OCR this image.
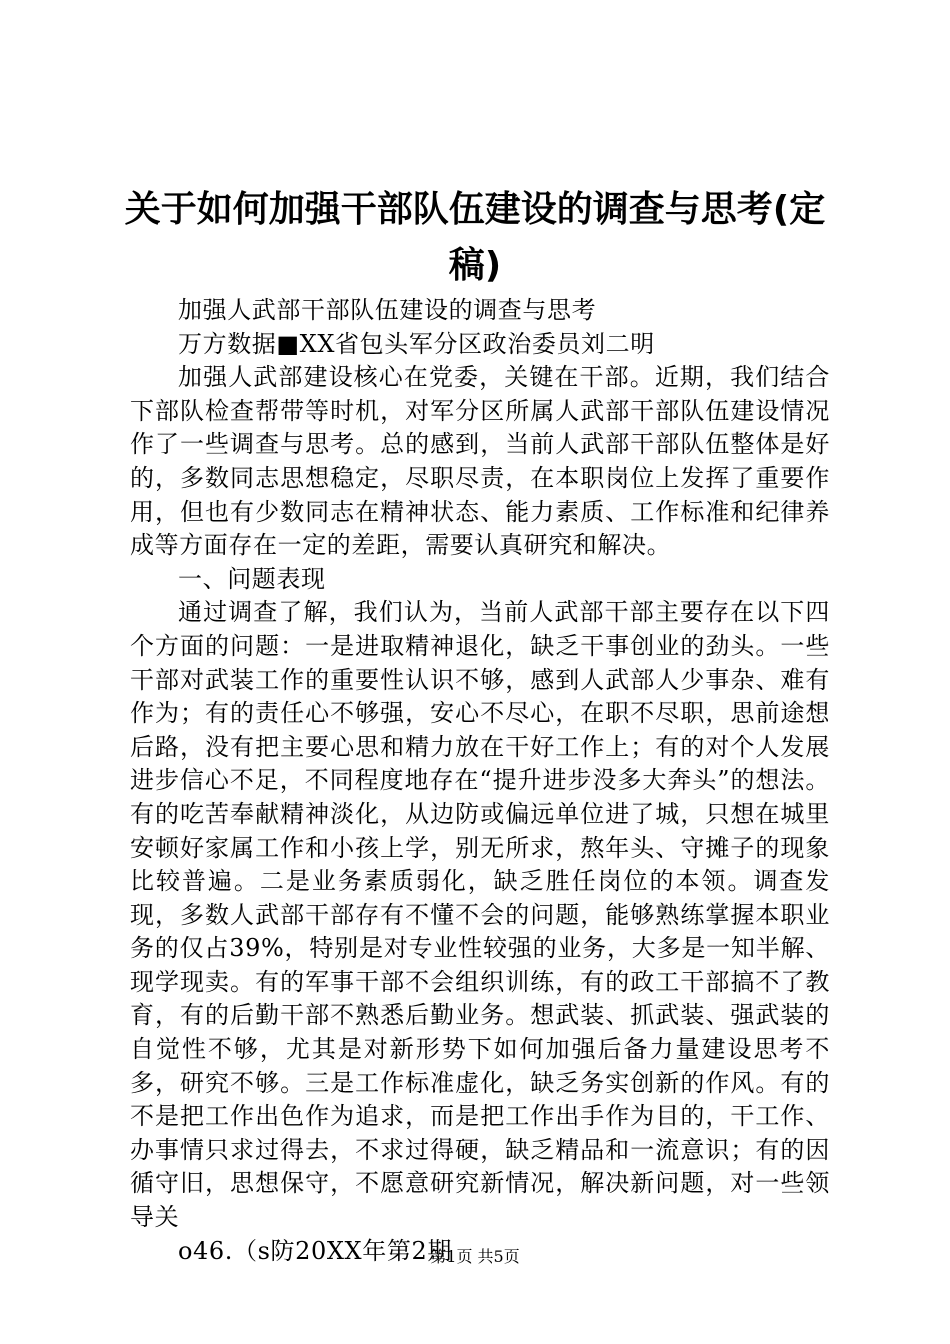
关于如何加强干部队伍建设的调查与思考(定
稿)

加强人武部干部队伍建设的调查与思考

万方数据■XX省包头军分区政治委员刘二明

加强人武部建设核心在党委，关键在干部。近期，我们结合下部队检查帮带等时机，对军分区所属人武部干部队伍建设情况作了一些调查与思考。总的感到，当前人武部干部队伍整体是好的，多数同志思想稳定，尽职尽责，在本职岗位上发挥了重要作用，但也有少数同志在精神状态、能力素质、工作标准和纪律养成等方面存在一定的差距，需要认真研究和解决。

一、问题表现

通过调查了解，我们认为，当前人武部干部主要存在以下四个方面的问题：一是进取精神退化，缺乏干事创业的劲头。一些干部对武装工作的重要性认识不够，感到人武部人少事杂、难有作为；有的责任心不够强，安心不尽心，在职不尽职，思前途想后路，没有把主要心思和精力放在干好工作上；有的对个人发展进步信心不足，不同程度地存在“提升进步没多大奔头”的想法。有的吃苦奉献精神淡化，从边防或偏远单位进了城，只想在城里安顿好家属工作和小孩上学，别无所求，熬年头、守摊子的现象比较普遍。二是业务素质弱化，缺乏胜任岗位的本领。调查发现，多数人武部干部存有不懂不会的问题，能够熟练掌握本职业务的仅占39%，特别是对专业性较强的业务，大多是一知半解、现学现卖。有的军事干部不会组织训练，有的政工干部搞不了教育，有的后勤干部不熟悉后勤业务。想武装、抓武装、强武装的自觉性不够，尤其是对新形势下如何加强后备力量建设思考不多，研究不够。三是工作标准虚化，缺乏务实创新的作风。有的不是把工作出色作为追求，而是把工作出手作为目的，干工作、办事情只求过得去，不求过得硬，缺乏精品和一流意识；有的因循守旧，思想保守，不愿意研究新情况，解决新问题，对一些领导关

o46.（s防20XX年第2期

第1页 共5页
